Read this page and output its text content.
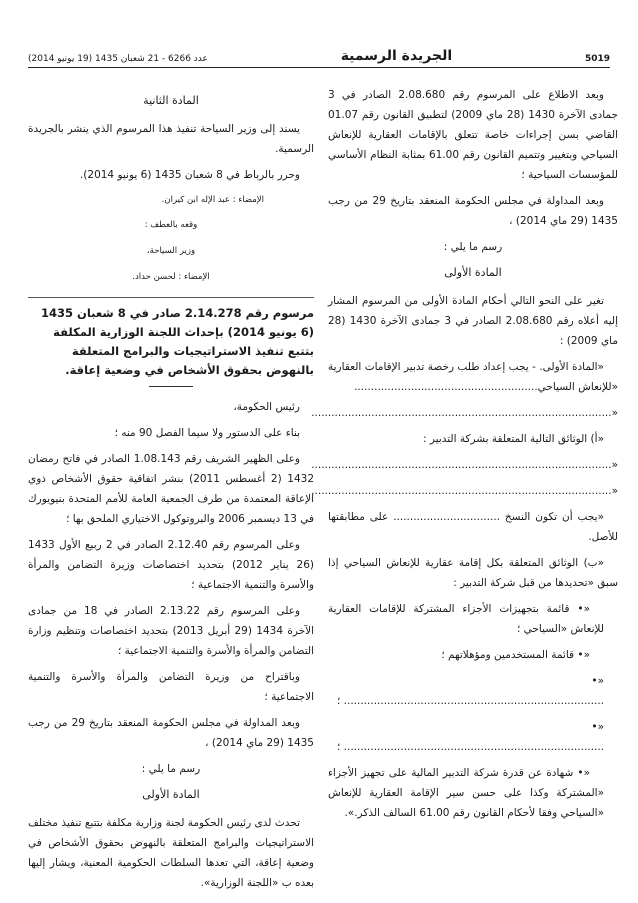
5019
الجريدة الرسمية
عدد 6266 - 21 شعبان 1435 (19 يونيو 2014)

وبعد الاطلاع على المرسوم رقم 2.08.680 الصادر في 3 جمادى الآخرة 1430 (28 ماي 2009) لتطبيق القانون رقم 01.07 القاضي بسن إجراءات خاصة تتعلق بالإقامات العقارية للإنعاش السياحي وبتغيير وتتميم القانون رقم 61.00 بمثابة النظام الأساسي للمؤسسات السياحية ؛

وبعد المداولة في مجلس الحكومة المنعقد بتاريخ 29 من رجب 1435 (29 ماي 2014) ،

رسم ما يلي :

المادة الأولى

تغير على النحو التالي أحكام المادة الأولى من المرسوم المشار إليه أعلاه رقم 2.08.680 الصادر في 3 جمادى الآخرة 1430 (28 ماي 2009) :

«المادة الأولى. - يجب إعداد طلب رخصة تدبير الإقامات العقارية «للإنعاش السياحي.......................................................

«..........................................................................................

«أ) الوثائق التالية المتعلقة بشركة التدبير :

«..........................................................................................

«..........................................................................................

«يجب أن تكون النسخ ................................ على مطابقتها للأصل.

«ب) الوثائق المتعلقة بكل إقامة عقارية للإنعاش السياحي إذا سبق «تحديدها من قبل شركة التدبير :

«• قائمة بتجهيزات الأجزاء المشتركة للإقامات العقارية للإنعاش «السياحي ؛

«• قائمة المستخدمين ومؤهلاتهم ؛

«• .............................................................................. ؛

«• .............................................................................. ؛

«• شهادة عن قدرة شركة التدبير المالية على تجهيز الأجزاء «المشتركة وكذا على حسن سير الإقامة العقارية للإنعاش «السياحي وفقا لأحكام القانون رقم 61.00 السالف الذكر.».

المادة الثانية

يسند إلى وزير السياحة تنفيذ هذا المرسوم الذي ينشر بالجريدة الرسمية.

وحرر بالرباط في 8 شعبان 1435 (6 يونيو 2014).

الإمضاء : عبد الإله ابن كيران.

وقعه بالعطف :

وزير السياحة،

الإمضاء : لحسن حداد.

مرسوم رقم 2.14.278 صادر في 8 شعبان 1435 (6 يونيو 2014) بإحداث اللجنة الوزارية المكلفة بتتبع تنفيذ الاستراتيجيات والبرامج المتعلقة بالنهوض بحقوق الأشخاص في وضعية إعاقة.

رئيس الحكومة،

بناء على الدستور ولا سيما الفصل 90 منه ؛

وعلى الظهير الشريف رقم 1.08.143 الصادر في فاتح رمضان 1432 (2 أغسطس 2011) بنشر اتفاقية حقوق الأشخاص ذوي الإعاقة المعتمدة من طرف الجمعية العامة للأمم المتحدة بنيويورك في 13 ديسمبر 2006 والبروتوكول الاختياري الملحق بها ؛

وعلى المرسوم رقم 2.12.40 الصادر في 2 ربيع الأول 1433 (26 يناير 2012) بتحديد اختصاصات وزيرة التضامن والمرأة والأسرة والتنمية الاجتماعية ؛

وعلى المرسوم رقم 2.13.22 الصادر في 18 من جمادى الآخرة 1434 (29 أبريل 2013) بتحديد اختصاصات وتنظيم وزارة التضامن والمرأة والأسرة والتنمية الاجتماعية ؛

وباقتراح من وزيرة التضامن والمرأة والأسرة والتنمية الاجتماعية ؛

وبعد المداولة في مجلس الحكومة المنعقد بتاريخ 29 من رجب 1435 (29 ماي 2014) ،

رسم ما يلي :

المادة الأولى

تحدث لدى رئيس الحكومة لجنة وزارية مكلفة بتتبع تنفيذ مختلف الاستراتيجيات والبرامج المتعلقة بالنهوض بحقوق الأشخاص في وضعية إعاقة، التي تعدها السلطات الحكومية المعنية، ويشار إليها بعده ب «اللجنة الوزارية».
